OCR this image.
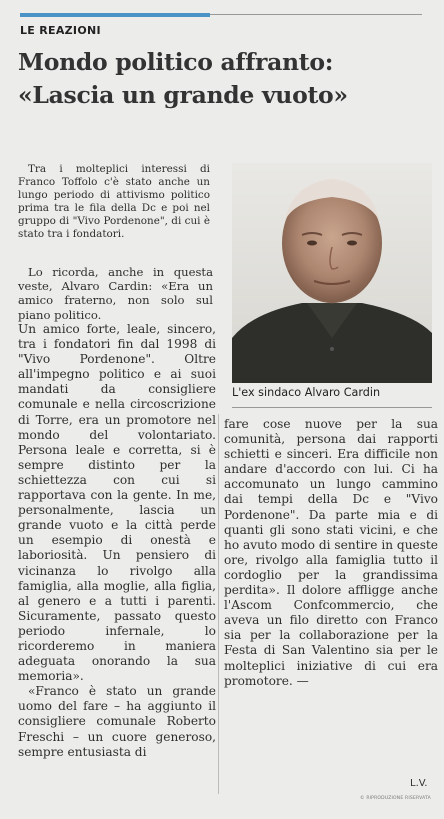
LE REAZIONI
Mondo politico affranto:
«Lascia un grande vuoto»

Tra i molteplici interessi di Franco Toffolo c'è stato anche un lungo periodo di attivismo politico prima tra le fila della Dc e poi nel gruppo di "Vivo Pordenone", di cui è stato tra i fondatori.

Lo ricorda, anche in questa veste, Alvaro Cardin: «Era un amico fraterno, non solo sul piano politico.

Un amico forte, leale, sincero, tra i fondatori fin dal 1998 di "Vivo Pordenone". Oltre all'impegno politico e ai suoi mandati da consigliere comunale e nella circoscrizione di Torre, era un promotore nel mondo del volontariato. Persona leale e corretta, si è sempre distinto per la schiettezza con cui si rapportava con la gente. In me, personalmente, lascia un grande vuoto e la città perde un esempio di onestà e laboriosità. Un pensiero di vicinanza lo rivolgo alla famiglia, alla moglie, alla figlia, al genero e a tutti i parenti. Sicuramente, passato questo periodo infernale, lo ricorderemo in maniera adeguata onorando la sua memoria».

«Franco è stato un grande uomo del fare – ha aggiunto il consigliere comunale Roberto Freschi – un cuore generoso, sempre entusiasta di

L'ex sindaco Alvaro Cardin

fare cose nuove per la sua comunità, persona dai rapporti schietti e sinceri. Era difficile non andare d'accordo con lui. Ci ha accomunato un lungo cammino dai tempi della Dc e "Vivo Pordenone". Da parte mia e di quanti gli sono stati vicini, e che ho avuto modo di sentire in queste ore, rivolgo alla famiglia tutto il cordoglio per la grandissima perdita». Il dolore affligge anche l'Ascom Confcommercio, che aveva un filo diretto con Franco sia per la collaborazione per la Festa di San Valentino sia per le molteplici iniziative di cui era promotore. —

L.V.
© RIPRODUZIONE RISERVATA
